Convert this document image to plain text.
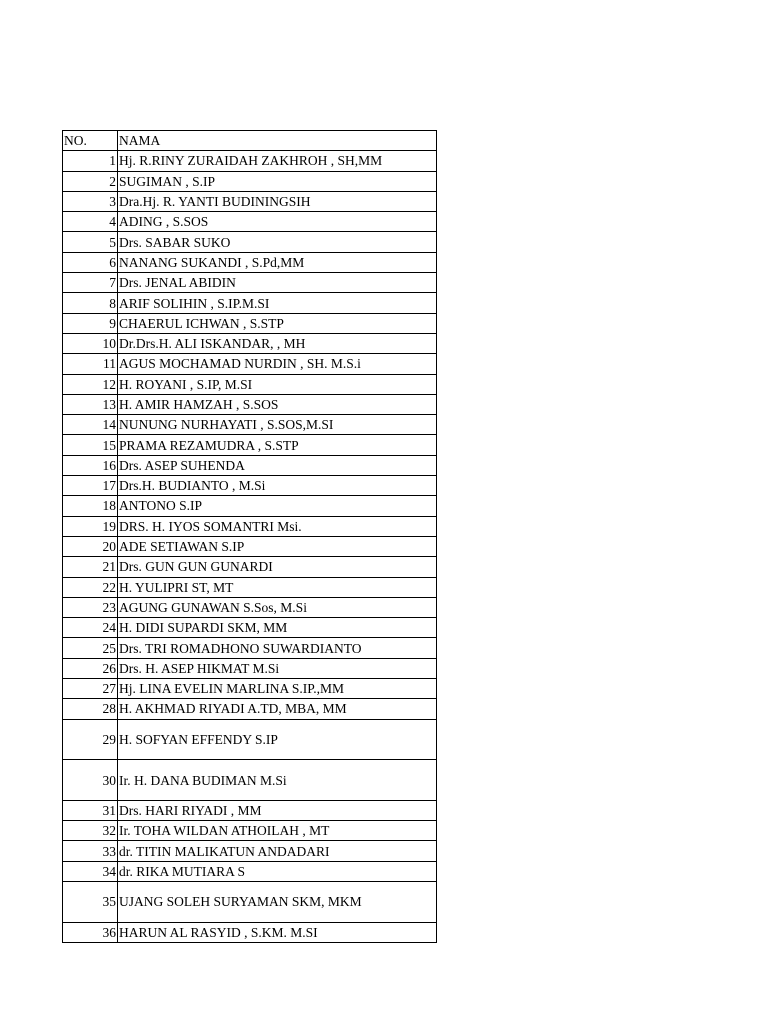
NO.	NAMA
1	Hj. R.RINY ZURAIDAH ZAKHROH , SH,MM
2	SUGIMAN , S.IP
3	Dra.Hj. R. YANTI BUDININGSIH
4	ADING , S.SOS
5	Drs. SABAR SUKO
6	NANANG SUKANDI , S.Pd,MM
7	Drs. JENAL ABIDIN
8	ARIF SOLIHIN , S.IP.M.SI
9	CHAERUL ICHWAN , S.STP
10	Dr.Drs.H. ALI ISKANDAR, , MH
11	AGUS MOCHAMAD NURDIN , SH. M.S.i
12	H. ROYANI , S.IP, M.SI
13	H. AMIR HAMZAH , S.SOS
14	NUNUNG NURHAYATI , S.SOS,M.SI
15	PRAMA REZAMUDRA , S.STP
16	Drs. ASEP SUHENDA
17	Drs.H. BUDIANTO , M.Si
18	ANTONO S.IP
19	DRS. H. IYOS SOMANTRI Msi.
20	ADE SETIAWAN S.IP
21	Drs. GUN GUN GUNARDI
22	H. YULIPRI ST, MT
23	AGUNG GUNAWAN S.Sos, M.Si
24	H. DIDI SUPARDI SKM, MM
25	Drs. TRI ROMADHONO SUWARDIANTO
26	Drs. H. ASEP HIKMAT M.Si
27	Hj. LINA EVELIN MARLINA S.IP.,MM
28	H. AKHMAD RIYADI A.TD, MBA, MM
29	H. SOFYAN EFFENDY S.IP
30	Ir. H. DANA BUDIMAN M.Si
31	Drs. HARI RIYADI , MM
32	Ir. TOHA WILDAN ATHOILAH , MT
33	dr. TITIN MALIKATUN ANDADARI
34	dr. RIKA MUTIARA S
35	UJANG SOLEH SURYAMAN SKM, MKM
36	HARUN AL RASYID , S.KM. M.SI
